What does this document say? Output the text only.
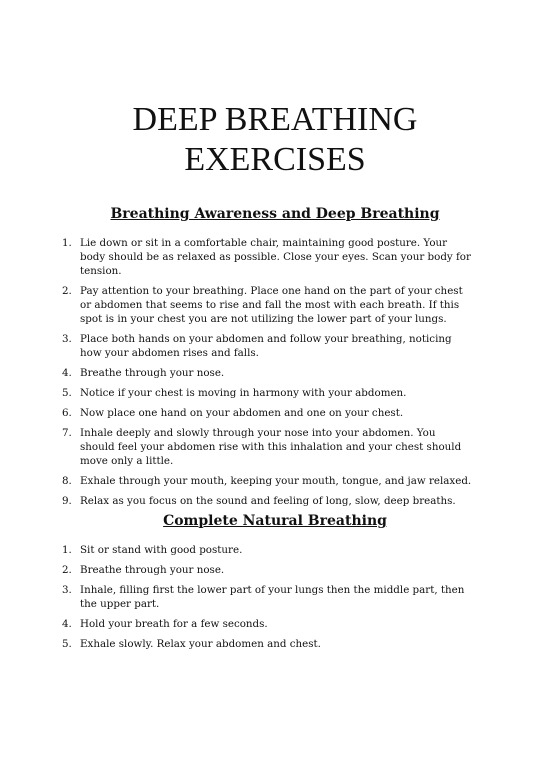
DEEP BREATHING
EXERCISES
Breathing Awareness and Deep Breathing
1. Lie down or sit in a comfortable chair, maintaining good posture. Your body should be as relaxed as possible. Close your eyes. Scan your body for tension.
2. Pay attention to your breathing. Place one hand on the part of your chest or abdomen that seems to rise and fall the most with each breath. If this spot is in your chest you are not utilizing the lower part of your lungs.
3. Place both hands on your abdomen and follow your breathing, noticing how your abdomen rises and falls.
4. Breathe through your nose.
5. Notice if your chest is moving in harmony with your abdomen.
6. Now place one hand on your abdomen and one on your chest.
7. Inhale deeply and slowly through your nose into your abdomen. You should feel your abdomen rise with this inhalation and your chest should move only a little.
8. Exhale through your mouth, keeping your mouth, tongue, and jaw relaxed.
9. Relax as you focus on the sound and feeling of long, slow, deep breaths.
Complete Natural Breathing
1. Sit or stand with good posture.
2. Breathe through your nose.
3. Inhale, filling first the lower part of your lungs then the middle part, then the upper part.
4. Hold your breath for a few seconds.
5. Exhale slowly. Relax your abdomen and chest.
